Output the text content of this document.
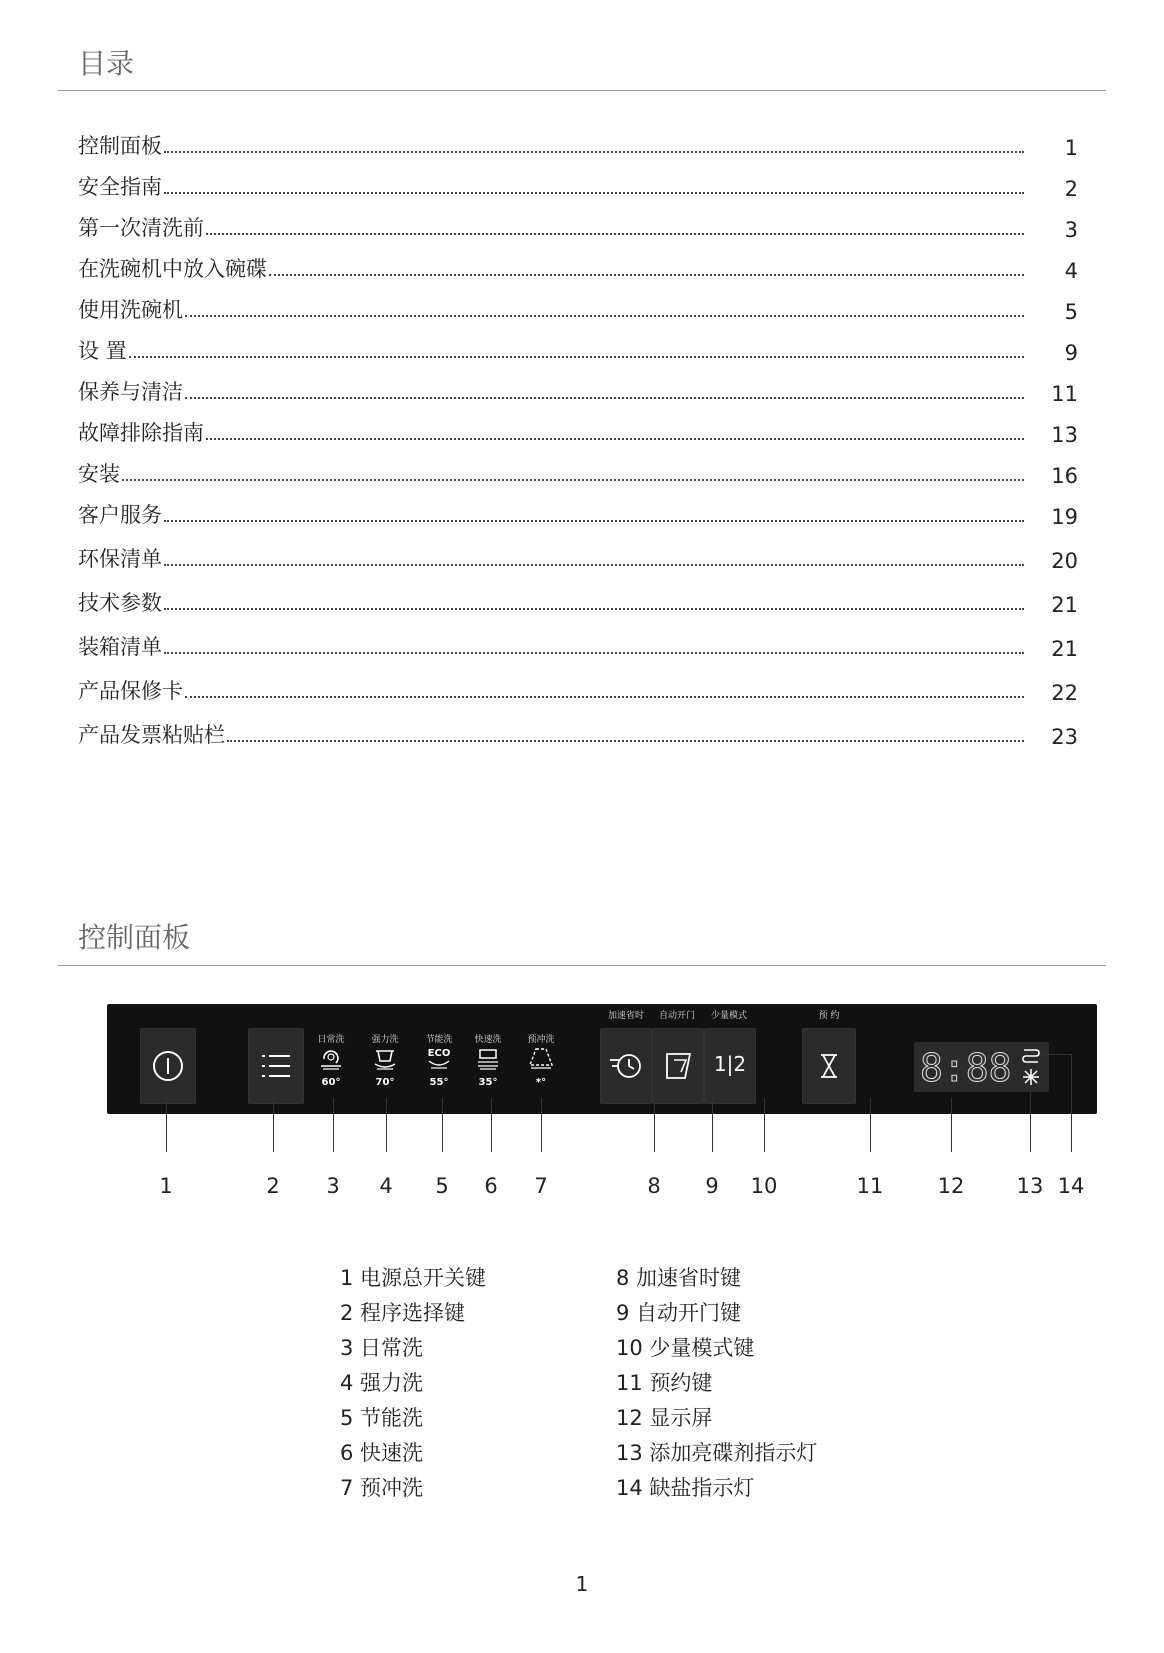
目录
控制面板	1
安全指南	2
第一次清洗前	3
在洗碗机中放入碗碟	4
使用洗碗机	5
设 置	9
保养与清洁	11
故障排除指南	13
安装	16
客户服务	19
环保清单	20
技术参数	21
装箱清单	21
产品保修卡	22
产品发票粘贴栏	23
控制面板
日常洗
60°
强力洗
70°
节能洗
ECO
55°
快速洗
35°
预冲洗
*°
加速省时 自动开门 少量模式	预 约
1|2	8:88
1	2 3 4 5 6 7	8 9 10	11	12 13 14
1 电源总开关键
2 程序选择键
3 日常洗
4 强力洗
5 节能洗
6 快速洗
7 预冲洗
8 加速省时键
9 自动开门键
10 少量模式键
11 预约键
12 显示屏
13 添加亮碟剂指示灯
14 缺盐指示灯
1
